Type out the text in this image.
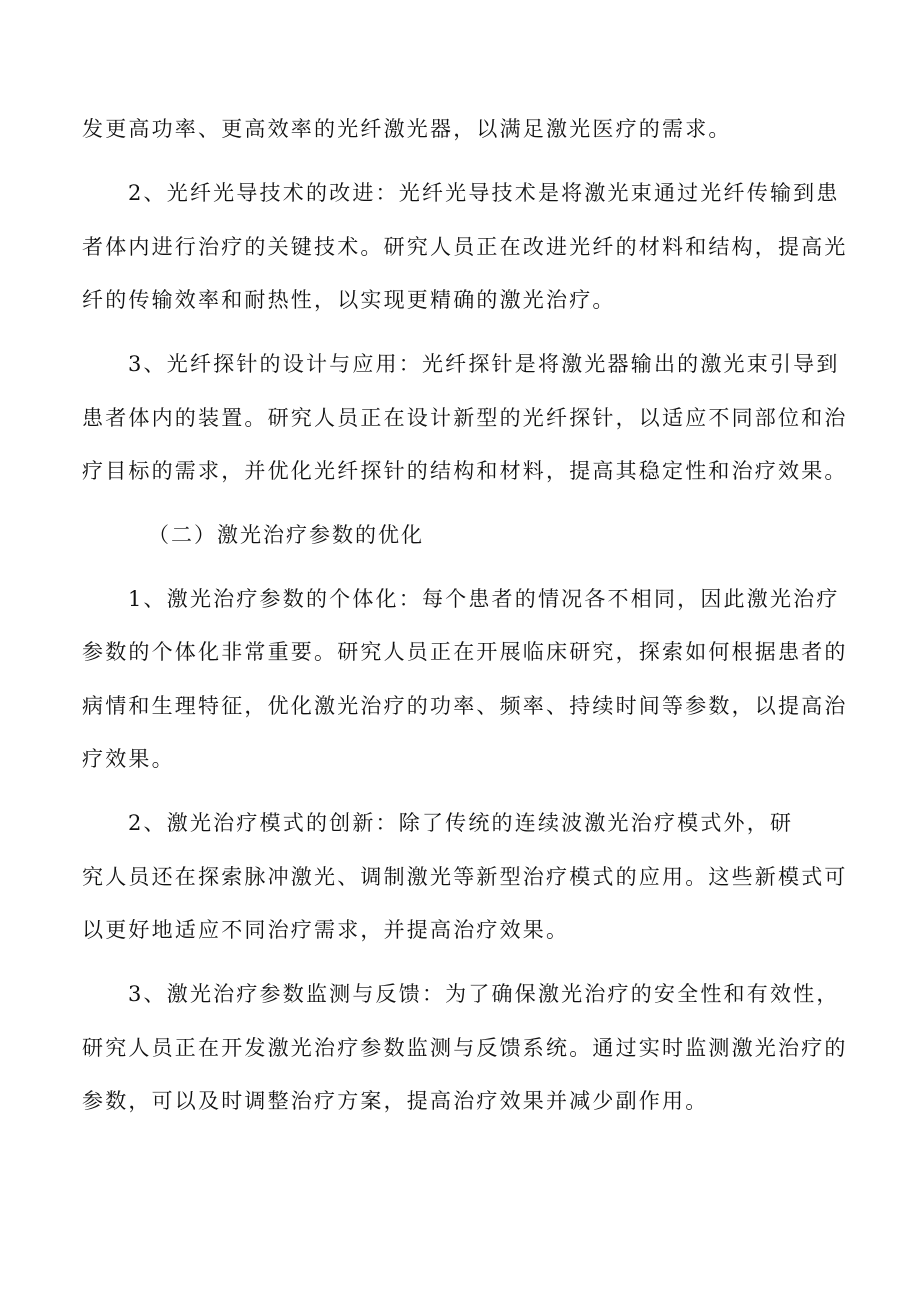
发更高功率、更高效率的光纤激光器，以满足激光医疗的需求。
2、光纤光导技术的改进：光纤光导技术是将激光束通过光纤传输到患
者体内进行治疗的关键技术。研究人员正在改进光纤的材料和结构，提高光
纤的传输效率和耐热性，以实现更精确的激光治疗。
3、光纤探针的设计与应用：光纤探针是将激光器输出的激光束引导到
患者体内的装置。研究人员正在设计新型的光纤探针，以适应不同部位和治
疗目标的需求，并优化光纤探针的结构和材料，提高其稳定性和治疗效果。
（二）激光治疗参数的优化
1、激光治疗参数的个体化：每个患者的情况各不相同，因此激光治疗
参数的个体化非常重要。研究人员正在开展临床研究，探索如何根据患者的
病情和生理特征，优化激光治疗的功率、频率、持续时间等参数，以提高治
疗效果。
2、激光治疗模式的创新：除了传统的连续波激光治疗模式外，研
究人员还在探索脉冲激光、调制激光等新型治疗模式的应用。这些新模式可
以更好地适应不同治疗需求，并提高治疗效果。
3、激光治疗参数监测与反馈：为了确保激光治疗的安全性和有效性，
研究人员正在开发激光治疗参数监测与反馈系统。通过实时监测激光治疗的
参数，可以及时调整治疗方案，提高治疗效果并减少副作用。
